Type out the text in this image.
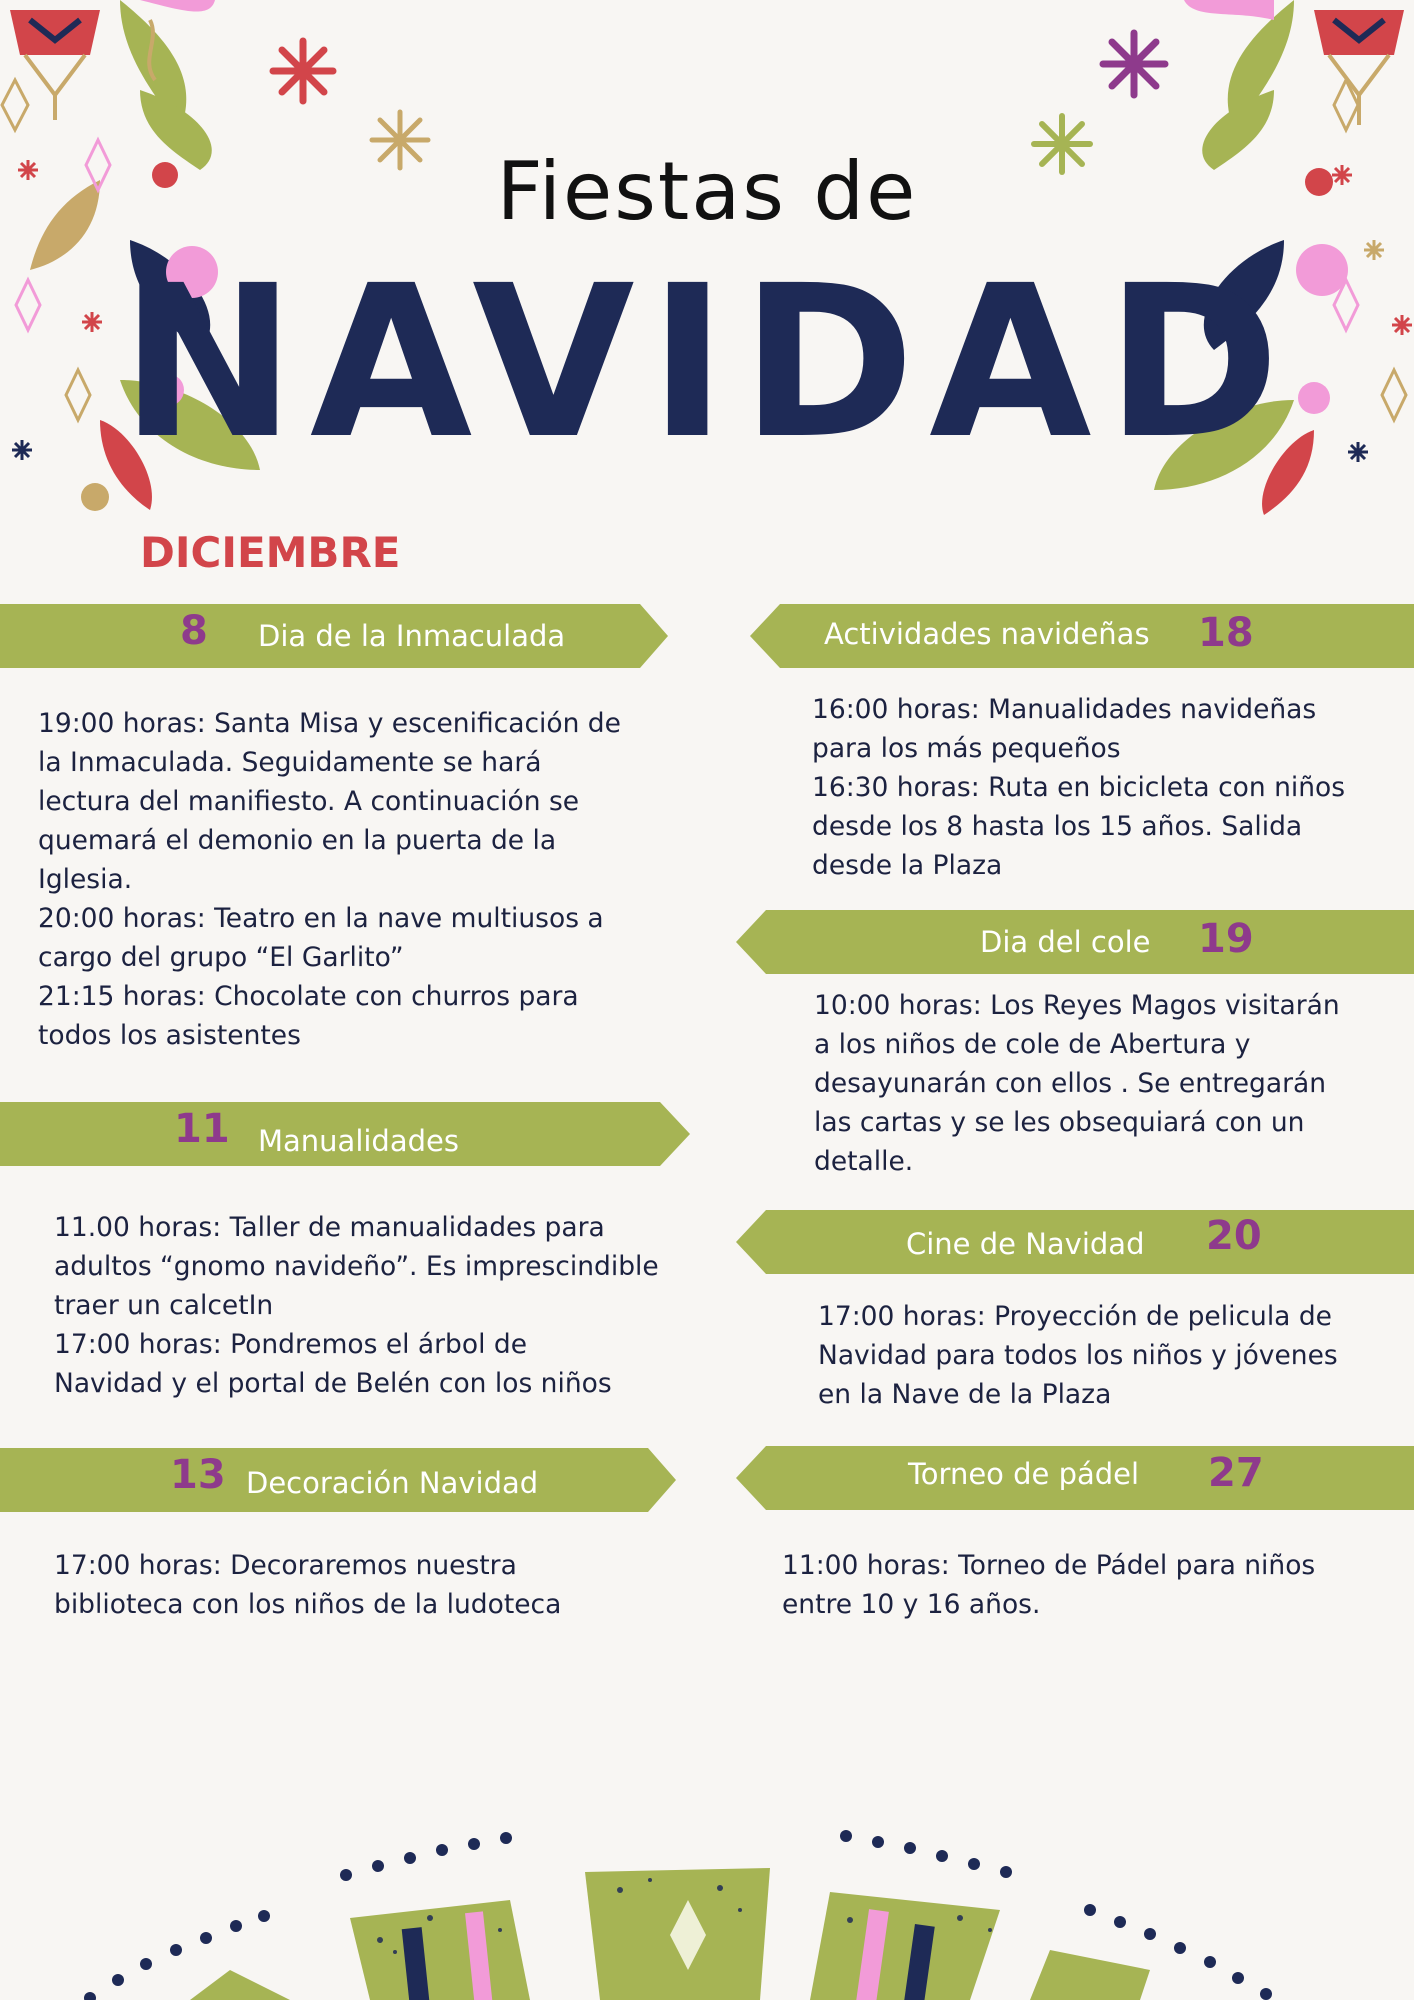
Fiestas de
NAVIDAD
DICIEMBRE
8 Dia de la Inmaculada
19:00 horas: Santa Misa y escenificación de
la Inmaculada. Seguidamente se hará
lectura del manifiesto. A continuación se
quemará el demonio en la puerta de la
Iglesia.
20:00 horas: Teatro en la nave multiusos a
cargo del grupo “El Garlito”
21:15 horas: Chocolate con churros para
todos los asistentes
11 Manualidades
11.00 horas: Taller de manualidades para
adultos “gnomo navideño”. Es imprescindible
traer un calcetIn
17:00 horas: Pondremos el árbol de
Navidad y el portal de Belén con los niños
13 Decoración Navidad
17:00 horas: Decoraremos nuestra
biblioteca con los niños de la ludoteca
Actividades navideñas 18
16:00 horas: Manualidades navideñas
para los más pequeños
16:30 horas: Ruta en bicicleta con niños
desde los 8 hasta los 15 años. Salida
desde la Plaza
Dia del cole 19
10:00 horas: Los Reyes Magos visitarán
a los niños de cole de Abertura y
desayunarán con ellos . Se entregarán
las cartas y se les obsequiará con un
detalle.
Cine de Navidad 20
17:00 horas: Proyección de pelicula de
Navidad para todos los niños y jóvenes
en la Nave de la Plaza
Torneo de pádel 27
11:00 horas: Torneo de Pádel para niños
entre 10 y 16 años.
